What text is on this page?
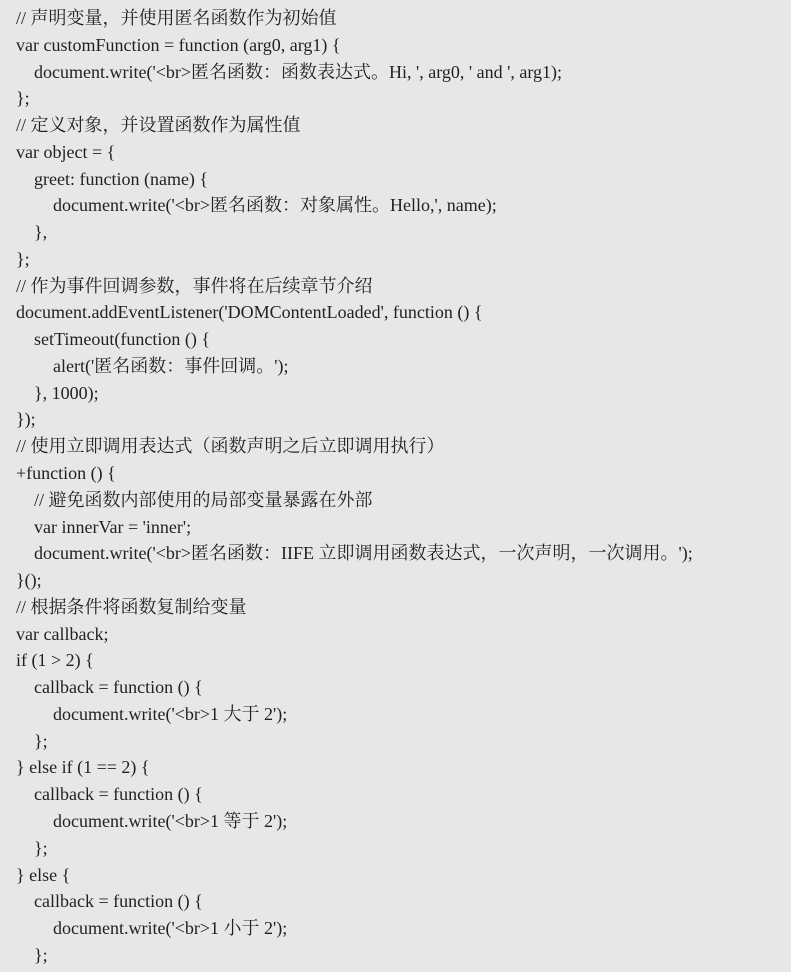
// 声明变量，并使用匿名函数作为初始值
var customFunction = function (arg0, arg1) {
document.write('<br>匿名函数：函数表达式。Hi, ', arg0, ' and ', arg1);
};
// 定义对象，并设置函数作为属性值
var object = {
greet: function (name) {
document.write('<br>匿名函数：对象属性。Hello,', name);
},
};
// 作为事件回调参数，事件将在后续章节介绍
document.addEventListener('DOMContentLoaded', function () {
setTimeout(function () {
alert('匿名函数：事件回调。');
}, 1000);
});
// 使用立即调用表达式（函数声明之后立即调用执行）
+function () {
// 避免函数内部使用的局部变量暴露在外部
var innerVar = 'inner';
document.write('<br>匿名函数：IIFE 立即调用函数表达式，一次声明，一次调用。');
}();
// 根据条件将函数复制给变量
var callback;
if (1 > 2) {
callback = function () {
document.write('<br>1 大于 2');
};
} else if (1 == 2) {
callback = function () {
document.write('<br>1 等于 2');
};
} else {
callback = function () {
document.write('<br>1 小于 2');
};
